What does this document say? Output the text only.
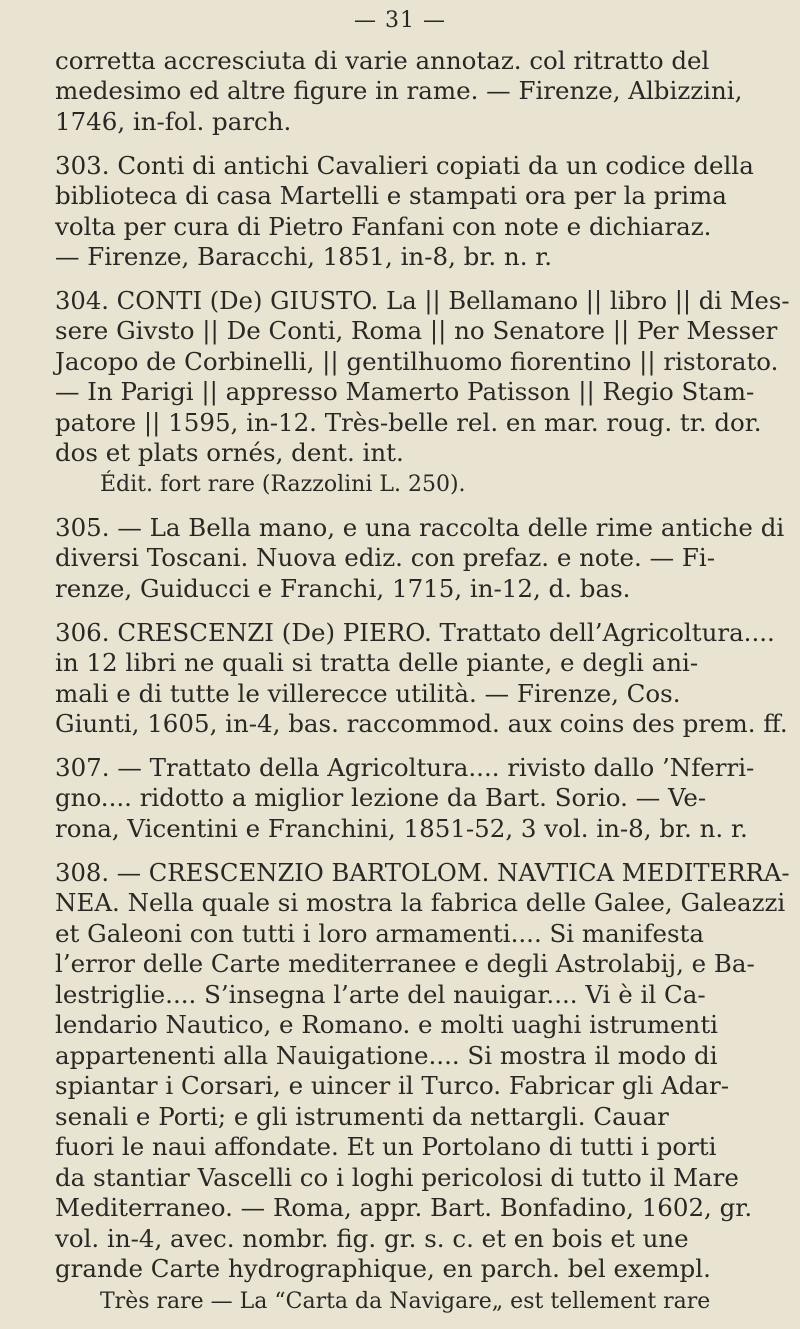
— 31 —
corretta accresciuta di varie annotaz. col ritratto del
medesimo ed altre figure in rame. — Firenze, Albizzini,
1746, in-fol. parch.
303. Conti di antichi Cavalieri copiati da un codice della
biblioteca di casa Martelli e stampati ora per la prima
volta per cura di Pietro Fanfani con note e dichiaraz.
— Firenze, Baracchi, 1851, in-8, br. n. r.
304. CONTI (De) GIUSTO. La || Bellamano || libro || di Mes-
sere Givsto || De Conti, Roma || no Senatore || Per Messer
Jacopo de Corbinelli, || gentilhuomo fiorentino || ristorato.
— In Parigi || appresso Mamerto Patisson || Regio Stam-
patore || 1595, in-12. Très-belle rel. en mar. roug. tr. dor.
dos et plats ornés, dent. int.
Édit. fort rare (Razzolini L. 250).
305. — La Bella mano, e una raccolta delle rime antiche di
diversi Toscani. Nuova ediz. con prefaz. e note. — Fi-
renze, Guiducci e Franchi, 1715, in-12, d. bas.
306. CRESCENZI (De) PIERO. Trattato dell’Agricoltura....
in 12 libri ne quali si tratta delle piante, e degli ani-
mali e di tutte le villerecce utilità. — Firenze, Cos.
Giunti, 1605, in-4, bas. raccommod. aux coins des prem. ff.
307. — Trattato della Agricoltura.... rivisto dallo ’Nferri-
gno.... ridotto a miglior lezione da Bart. Sorio. — Ve-
rona, Vicentini e Franchini, 1851-52, 3 vol. in-8, br. n. r.
308. — CRESCENZIO BARTOLOM. NAVTICA MEDITERRA-
NEA. Nella quale si mostra la fabrica delle Galee, Galeazzi
et Galeoni con tutti i loro armamenti.... Si manifesta
l’error delle Carte mediterranee e degli Astrolabij, e Ba-
lestriglie.... S’insegna l’arte del nauigar.... Vi è il Ca-
lendario Nautico, e Romano. e molti uaghi istrumenti
appartenenti alla Nauigatione.... Si mostra il modo di
spiantar i Corsari, e uincer il Turco. Fabricar gli Adar-
senali e Porti; e gli istrumenti da nettargli. Cauar
fuori le naui affondate. Et un Portolano di tutti i porti
da stantiar Vascelli co i loghi pericolosi di tutto il Mare
Mediterraneo. — Roma, appr. Bart. Bonfadino, 1602, gr.
vol. in-4, avec. nombr. fig. gr. s. c. et en bois et une
grande Carte hydrographique, en parch. bel exempl.
Très rare — La “Carta da Navigare„ est tellement rare
